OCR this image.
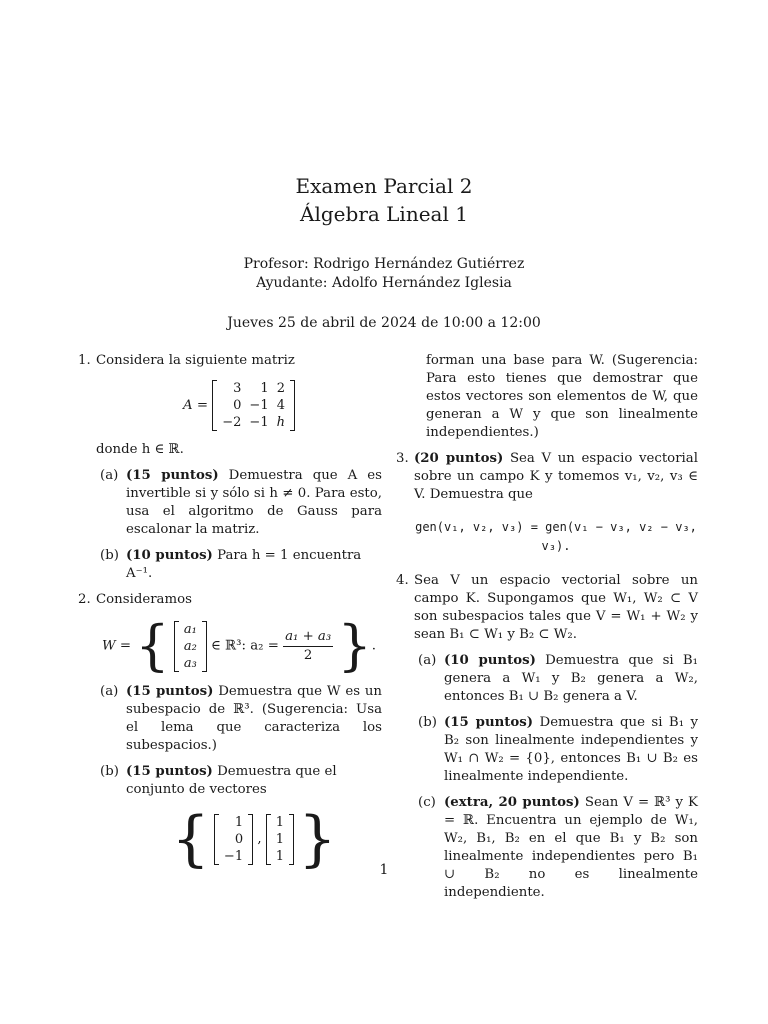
Examen Parcial 2
Álgebra Lineal 1
Profesor: Rodrigo Hernández Gutiérrez
Ayudante: Adolfo Hernández Iglesia
Jueves 25 de abril de 2024 de 10:00 a 12:00
1. Considera la siguiente matriz
A =
3	1	2
0	−1	4
−2	−1	h
donde h ∈ ℝ.
(a) (15 puntos) Demuestra que A es invertible si y sólo si h ≠ 0. Para esto, usa el algoritmo de Gauss para escalonar la matriz.
(b) (10 puntos) Para h = 1 encuentra A⁻¹.
2. Consideramos
W = { a₁
a₂
a₃
∈ ℝ³: $a_2 = \frac{\text{a₁ + a₃}}{2}$ }.
(a) (15 puntos) Demuestra que W es un subespacio de ℝ³. (Sugerencia: Usa el lema que caracteriza los subespacios.)
(b) (15 puntos) Demuestra que el conjunto de vectores
{ 1
0
−1
,
1
1
1 }
forman una base para W. (Sugerencia: Para esto tienes que demostrar que estos vectores son elementos de W, que generan a W y que son linealmente independientes.)
3. (20 puntos) Sea V un espacio vectorial sobre un campo K y tomemos v₁, v₂, v₃ ∈ V. Demuestra que
gen(v₁, v₂, v₃) = gen(v₁ − v₃, v₂ − v₃, v₃).
4. Sea V un espacio vectorial sobre un campo K. Supongamos que W₁, W₂ ⊂ V son subespacios tales que V = W₁ + W₂ y sean B₁ ⊂ W₁ y B₂ ⊂ W₂.
(a) (10 puntos) Demuestra que si B₁ genera a W₁ y B₂ genera a W₂, entonces B₁ ∪ B₂ genera a V.
(b) (15 puntos) Demuestra que si B₁ y B₂ son linealmente independientes y W₁ ∩ W₂ = {0}, entonces B₁ ∪ B₂ es linealmente independiente.
(c) (extra, 20 puntos) Sean V = ℝ³ y K = ℝ. Encuentra un ejemplo de W₁, W₂, B₁, B₂ en el que B₁ y B₂ son linealmente independientes pero B₁ ∪ B₂ no es linealmente independiente.
1
